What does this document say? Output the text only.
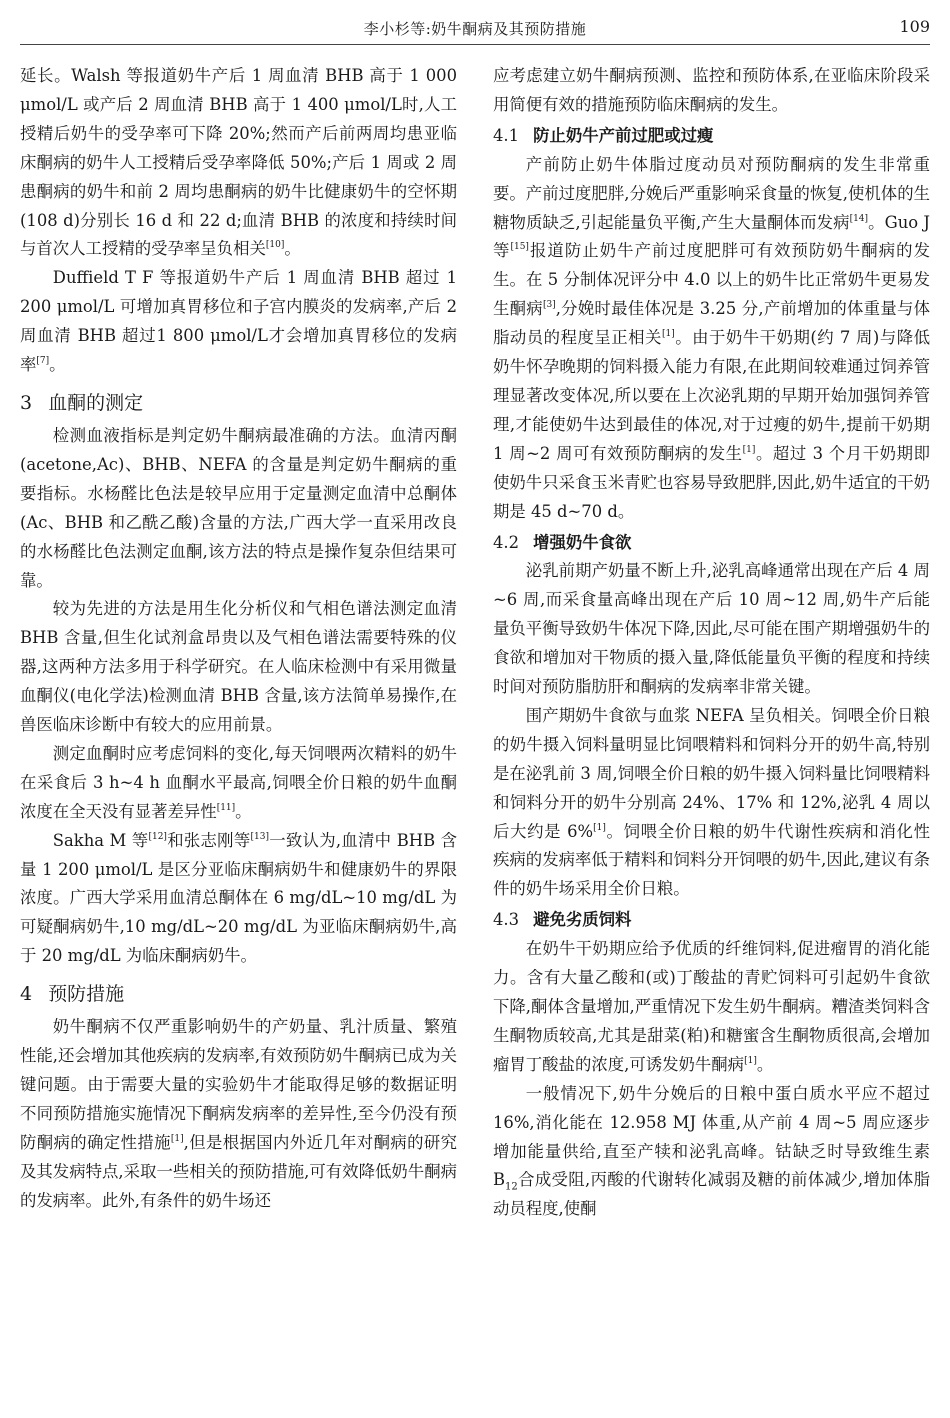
李小杉等:奶牛酮病及其预防措施	109

延长。Walsh 等报道奶牛产后 1 周血清 BHB 高于 1 000 μmol/L 或产后 2 周血清 BHB 高于 1 400 μmol/L时,人工授精后奶牛的受孕率可下降 20%;然而产后前两周均患亚临床酮病的奶牛人工授精后受孕率降低 50%;产后 1 周或 2 周患酮病的奶牛和前 2 周均患酮病的奶牛比健康奶牛的空怀期 (108 d)分别长 16 d 和 22 d;血清 BHB 的浓度和持续时间与首次人工授精的受孕率呈负相关[10]。

Duffield T F 等报道奶牛产后 1 周血清 BHB 超过 1 200 μmol/L 可增加真胃移位和子宫内膜炎的发病率,产后 2 周血清 BHB 超过1 800 μmol/L才会增加真胃移位的发病率[7]。

3 血酮的测定

检测血液指标是判定奶牛酮病最准确的方法。血清丙酮(acetone,Ac)、BHB、NEFA 的含量是判定奶牛酮病的重要指标。水杨醛比色法是较早应用于定量测定血清中总酮体(Ac、BHB 和乙酰乙酸)含量的方法,广西大学一直采用改良的水杨醛比色法测定血酮,该方法的特点是操作复杂但结果可靠。

较为先进的方法是用生化分析仪和气相色谱法测定血清 BHB 含量,但生化试剂盒昂贵以及气相色谱法需要特殊的仪器,这两种方法多用于科学研究。在人临床检测中有采用微量血酮仪(电化学法)检测血清 BHB 含量,该方法简单易操作,在兽医临床诊断中有较大的应用前景。

测定血酮时应考虑饲料的变化,每天饲喂两次精料的奶牛在采食后 3 h~4 h 血酮水平最高,饲喂全价日粮的奶牛血酮浓度在全天没有显著差异性[11]。

Sakha M 等[12]和张志刚等[13]一致认为,血清中 BHB 含量 1 200 μmol/L 是区分亚临床酮病奶牛和健康奶牛的界限浓度。广西大学采用血清总酮体在 6 mg/dL~10 mg/dL 为可疑酮病奶牛,10 mg/dL~20 mg/dL 为亚临床酮病奶牛,高于 20 mg/dL 为临床酮病奶牛。

4 预防措施

奶牛酮病不仅严重影响奶牛的产奶量、乳汁质量、繁殖性能,还会增加其他疾病的发病率,有效预防奶牛酮病已成为关键问题。由于需要大量的实验奶牛才能取得足够的数据证明不同预防措施实施情况下酮病发病率的差异性,至今仍没有预防酮病的确定性措施[1],但是根据国内外近几年对酮病的研究及其发病特点,采取一些相关的预防措施,可有效降低奶牛酮病的发病率。此外,有条件的奶牛场还

应考虑建立奶牛酮病预测、监控和预防体系,在亚临床阶段采用简便有效的措施预防临床酮病的发生。

4.1 防止奶牛产前过肥或过瘦

产前防止奶牛体脂过度动员对预防酮病的发生非常重要。产前过度肥胖,分娩后严重影响采食量的恢复,使机体的生糖物质缺乏,引起能量负平衡,产生大量酮体而发病[14]。Guo J 等[15]报道防止奶牛产前过度肥胖可有效预防奶牛酮病的发生。在 5 分制体况评分中 4.0 以上的奶牛比正常奶牛更易发生酮病[3],分娩时最佳体况是 3.25 分,产前增加的体重量与体脂动员的程度呈正相关[1]。由于奶牛干奶期(约 7 周)与降低奶牛怀孕晚期的饲料摄入能力有限,在此期间较难通过饲养管理显著改变体况,所以要在上次泌乳期的早期开始加强饲养管理,才能使奶牛达到最佳的体况,对于过瘦的奶牛,提前干奶期 1 周~2 周可有效预防酮病的发生[1]。超过 3 个月干奶期即使奶牛只采食玉米青贮也容易导致肥胖,因此,奶牛适宜的干奶期是 45 d~70 d。

4.2 增强奶牛食欲

泌乳前期产奶量不断上升,泌乳高峰通常出现在产后 4 周~6 周,而采食量高峰出现在产后 10 周~12 周,奶牛产后能量负平衡导致奶牛体况下降,因此,尽可能在围产期增强奶牛的食欲和增加对干物质的摄入量,降低能量负平衡的程度和持续时间对预防脂肪肝和酮病的发病率非常关键。

围产期奶牛食欲与血浆 NEFA 呈负相关。饲喂全价日粮的奶牛摄入饲料量明显比饲喂精料和饲料分开的奶牛高,特别是在泌乳前 3 周,饲喂全价日粮的奶牛摄入饲料量比饲喂精料和饲料分开的奶牛分别高 24%、17% 和 12%,泌乳 4 周以后大约是 6%[1]。饲喂全价日粮的奶牛代谢性疾病和消化性疾病的发病率低于精料和饲料分开饲喂的奶牛,因此,建议有条件的奶牛场采用全价日粮。

4.3 避免劣质饲料

在奶牛干奶期应给予优质的纤维饲料,促进瘤胃的消化能力。含有大量乙酸和(或)丁酸盐的青贮饲料可引起奶牛食欲下降,酮体含量增加,严重情况下发生奶牛酮病。糟渣类饲料含生酮物质较高,尤其是甜菜(粕)和糖蜜含生酮物质很高,会增加瘤胃丁酸盐的浓度,可诱发奶牛酮病[1]。

一般情况下,奶牛分娩后的日粮中蛋白质水平应不超过 16%,消化能在 12.958 MJ 体重,从产前 4 周~5 周应逐步增加能量供给,直至产犊和泌乳高峰。钴缺乏时导致维生素 $B_{12}$合成受阻,丙酸的代谢转化减弱及糖的前体减少,增加体脂动员程度,使酮
